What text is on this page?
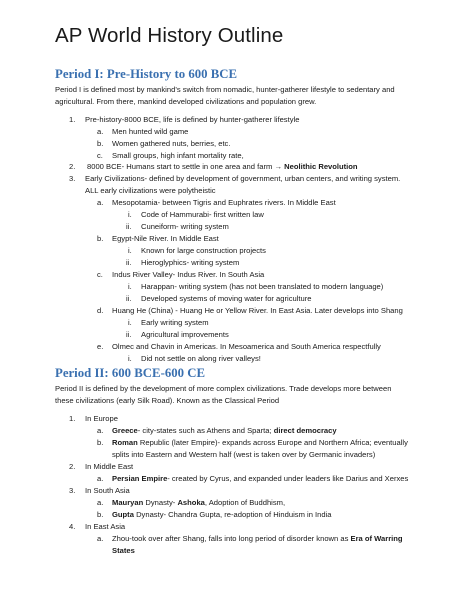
AP World History Outline
Period I: Pre-History to 600 BCE
Period I is defined most by mankind’s switch from nomadic, hunter-gatherer lifestyle to sedentary and
agricultural. From there, mankind developed civilizations and population grew.
1. Pre-history-8000 BCE, life is defined by hunter-gatherer lifestyle
a. Men hunted wild game
b. Women gathered nuts, berries, etc.
c. Small groups, high infant mortality rate,
2. 8000 BCE- Humans start to settle in one area and farm → Neolithic Revolution
3. Early Civilizations- defined by development of government, urban centers, and writing system.
ALL early civilizations were polytheistic
a. Mesopotamia- between Tigris and Euphrates rivers. In Middle East
i. Code of Hammurabi- first written law
ii. Cuneiform- writing system
b. Egypt-Nile River. In Middle East
i. Known for large construction projects
ii. Hieroglyphics- writing system
c. Indus River Valley- Indus River. In South Asia
i. Harappan- writing system (has not been translated to modern language)
ii. Developed systems of moving water for agriculture
d. Huang He (China) - Huang He or Yellow River. In East Asia. Later develops into Shang
i. Early writing system
ii. Agricultural improvements
e. Olmec and Chavin in Americas. In Mesoamerica and South America respectfully
i. Did not settle on along river valleys!
Period II: 600 BCE-600 CE
Period II is defined by the development of more complex civilizations. Trade develops more between
these civilizations (early Silk Road). Known as the Classical Period
1. In Europe
a. Greece- city-states such as Athens and Sparta; direct democracy
b. Roman Republic (later Empire)- expands across Europe and Northern Africa; eventually
splits into Eastern and Western half (west is taken over by Germanic invaders)
2. In Middle East
a. Persian Empire- created by Cyrus, and expanded under leaders like Darius and Xerxes
3. In South Asia
a. Mauryan Dynasty- Ashoka, Adoption of Buddhism,
b. Gupta Dynasty- Chandra Gupta, re-adoption of Hinduism in India
4. In East Asia
a. Zhou-took over after Shang, falls into long period of disorder known as Era of Warring
States
